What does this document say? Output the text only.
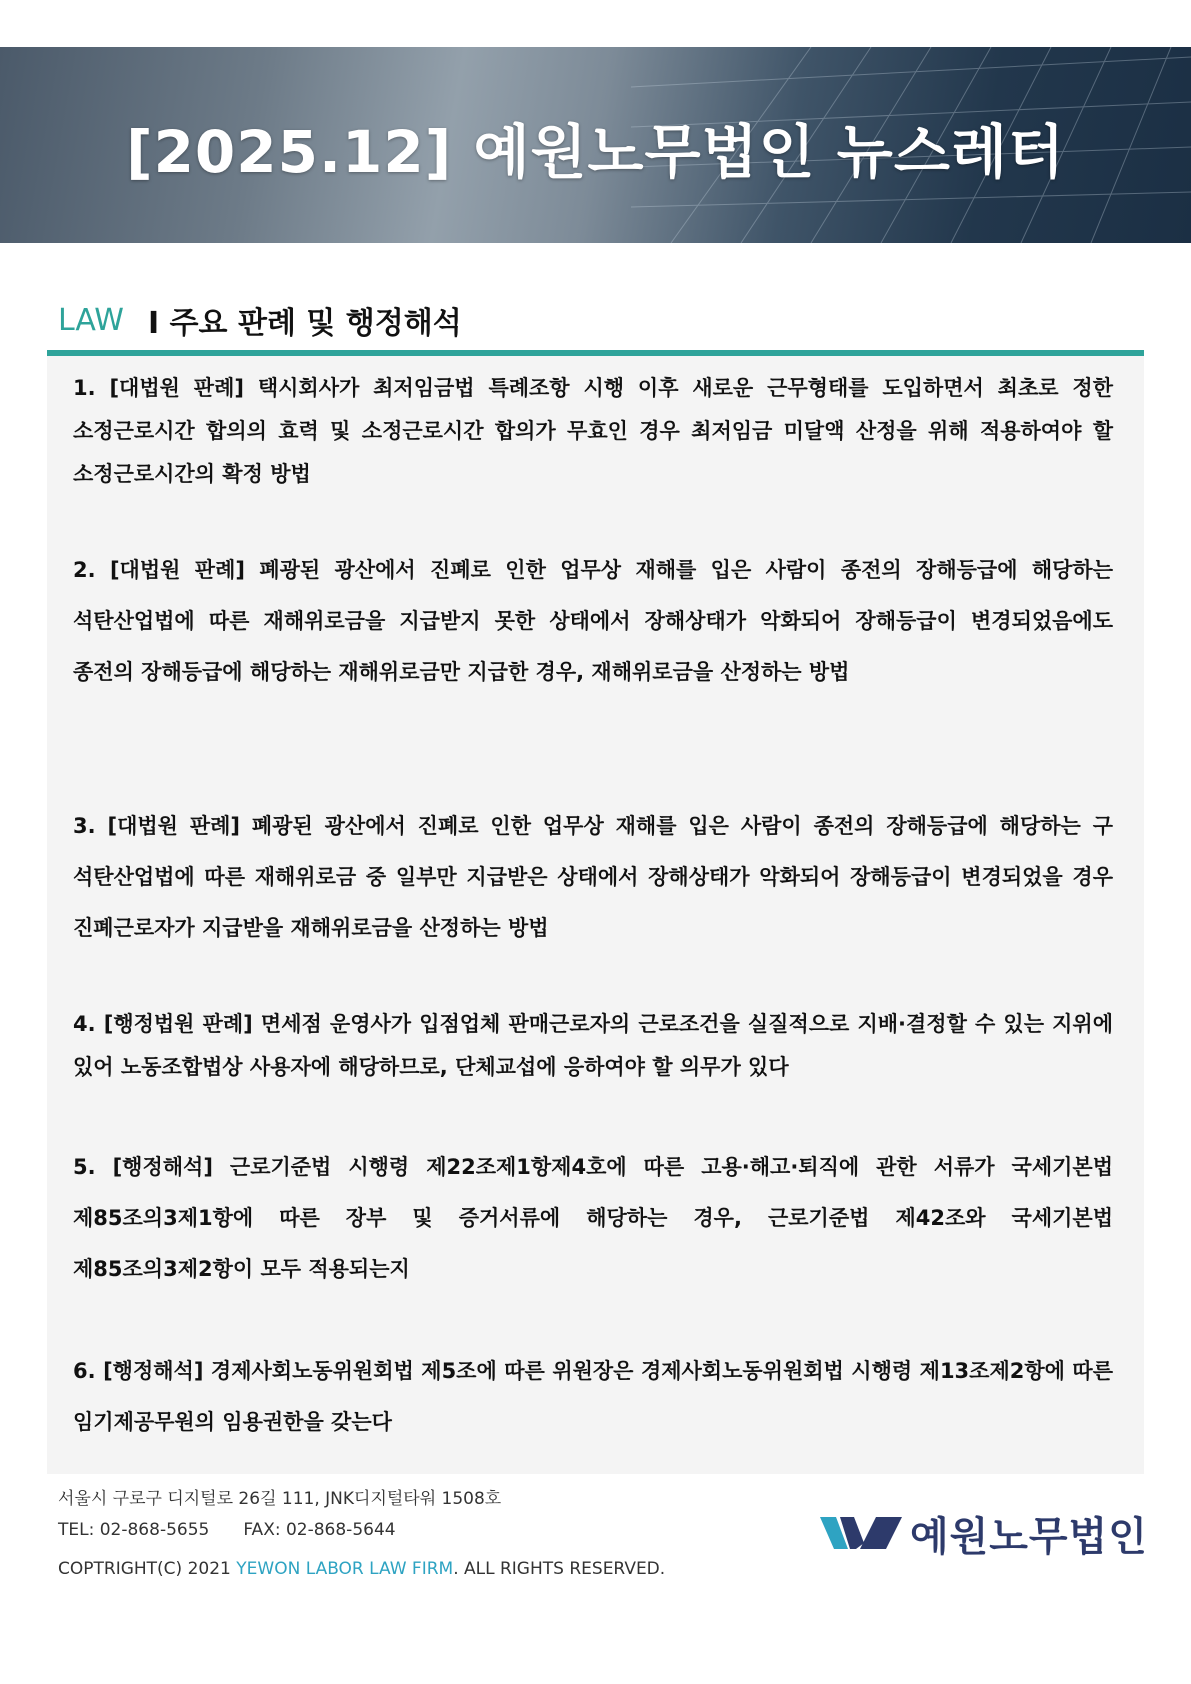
[2025.12] 예원노무법인 뉴스레터
LAW I 주요 판례 및 행정해석
1. [대법원 판례] 택시회사가 최저임금법 특례조항 시행 이후 새로운 근무형태를 도입하면서 최초로 정한 소정근로시간 합의의 효력 및 소정근로시간 합의가 무효인 경우 최저임금 미달액 산정을 위해 적용하여야 할 소정근로시간의 확정 방법
2. [대법원 판례] 폐광된 광산에서 진폐로 인한 업무상 재해를 입은 사람이 종전의 장해등급에 해당하는 석탄산업법에 따른 재해위로금을 지급받지 못한 상태에서 장해상태가 악화되어 장해등급이 변경되었음에도 종전의 장해등급에 해당하는 재해위로금만 지급한 경우, 재해위로금을 산정하는 방법
3. [대법원 판례] 폐광된 광산에서 진폐로 인한 업무상 재해를 입은 사람이 종전의 장해등급에 해당하는 구 석탄산업법에 따른 재해위로금 중 일부만 지급받은 상태에서 장해상태가 악화되어 장해등급이 변경되었을 경우 진폐근로자가 지급받을 재해위로금을 산정하는 방법
4. [행정법원 판례] 면세점 운영사가 입점업체 판매근로자의 근로조건을 실질적으로 지배·결정할 수 있는 지위에 있어 노동조합법상 사용자에 해당하므로, 단체교섭에 응하여야 할 의무가 있다
5. [행정해석] 근로기준법 시행령 제22조제1항제4호에 따른 고용·해고·퇴직에 관한 서류가 국세기본법 제85조의3제1항에 따른 장부 및 증거서류에 해당하는 경우, 근로기준법 제42조와 국세기본법 제85조의3제2항이 모두 적용되는지
6. [행정해석] 경제사회노동위원회법 제5조에 따른 위원장은 경제사회노동위원회법 시행령 제13조제2항에 따른 임기제공무원의 임용권한을 갖는다
서울시 구로구 디지털로 26길 111, JNK디지털타워 1508호
TEL: 02-868-5655 FAX: 02-868-5644
COPTRIGHT(C) 2021 YEWON LABOR LAW FIRM. ALL RIGHTS RESERVED.
예원노무법인
